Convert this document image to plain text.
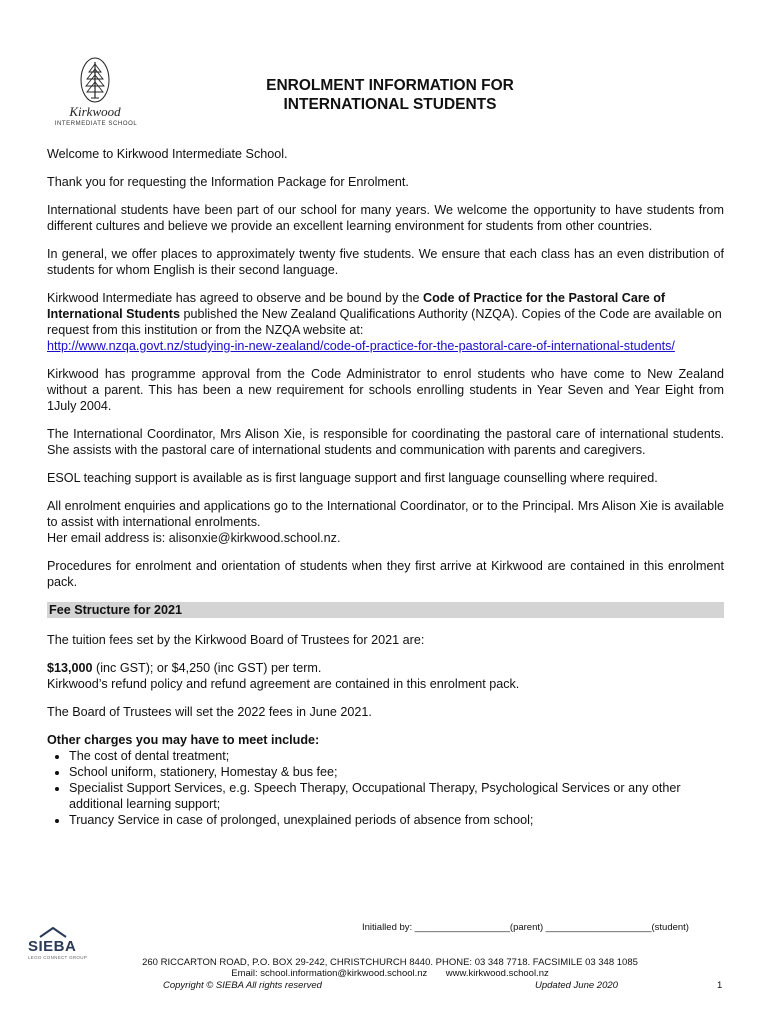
Kirkwood
INTERMEDIATE SCHOOL
ENROLMENT INFORMATION FOR
INTERNATIONAL STUDENTS

Welcome to Kirkwood Intermediate School.

Thank you for requesting the Information Package for Enrolment.

International students have been part of our school for many years. We welcome the opportunity to have students from different cultures and believe we provide an excellent learning environment for students from other countries.

In general, we offer places to approximately twenty five students. We ensure that each class has an even distribution of students for whom English is their second language.

Kirkwood Intermediate has agreed to observe and be bound by the Code of Practice for the Pastoral Care of International Students published the New Zealand Qualifications Authority (NZQA). Copies of the Code are available on request from this institution or from the NZQA website at:
http://www.nzqa.govt.nz/studying-in-new-zealand/code-of-practice-for-the-pastoral-care-of-international-students/

Kirkwood has programme approval from the Code Administrator to enrol students who have come to New Zealand without a parent. This has been a new requirement for schools enrolling students in Year Seven and Year Eight from 1July 2004.

The International Coordinator, Mrs Alison Xie, is responsible for coordinating the pastoral care of international students. She assists with the pastoral care of international students and communication with parents and caregivers.

ESOL teaching support is available as is first language support and first language counselling where required.

All enrolment enquiries and applications go to the International Coordinator, or to the Principal. Mrs Alison Xie is available to assist with international enrolments.
Her email address is: alisonxie@kirkwood.school.nz.

Procedures for enrolment and orientation of students when they first arrive at Kirkwood are contained in this enrolment pack.

Fee Structure for 2021

The tuition fees set by the Kirkwood Board of Trustees for 2021 are:

$13,000 (inc GST); or $4,250 (inc GST) per term.
Kirkwood’s refund policy and refund agreement are contained in this enrolment pack.

The Board of Trustees will set the 2022 fees in June 2021.

Other charges you may have to meet include:
• The cost of dental treatment;
• School uniform, stationery, Homestay & bus fee;
• Specialist Support Services, e.g. Speech Therapy, Occupational Therapy, Psychological Services or any other additional learning support;
• Truancy Service in case of prolonged, unexplained periods of absence from school;
Initialled by: __________________(parent) ____________________(student)
SIEBA
LEGO CONNECT GROUP	260 RICCARTON ROAD, P.O. BOX 29-242, CHRISTCHURCH 8440. PHONE: 03 348 7718. FACSIMILE 03 348 1085
Email: school.information@kirkwood.school.nz       www.kirkwood.school.nz
Copyright © SIEBA All rights reserved	Updated June 2020	1
